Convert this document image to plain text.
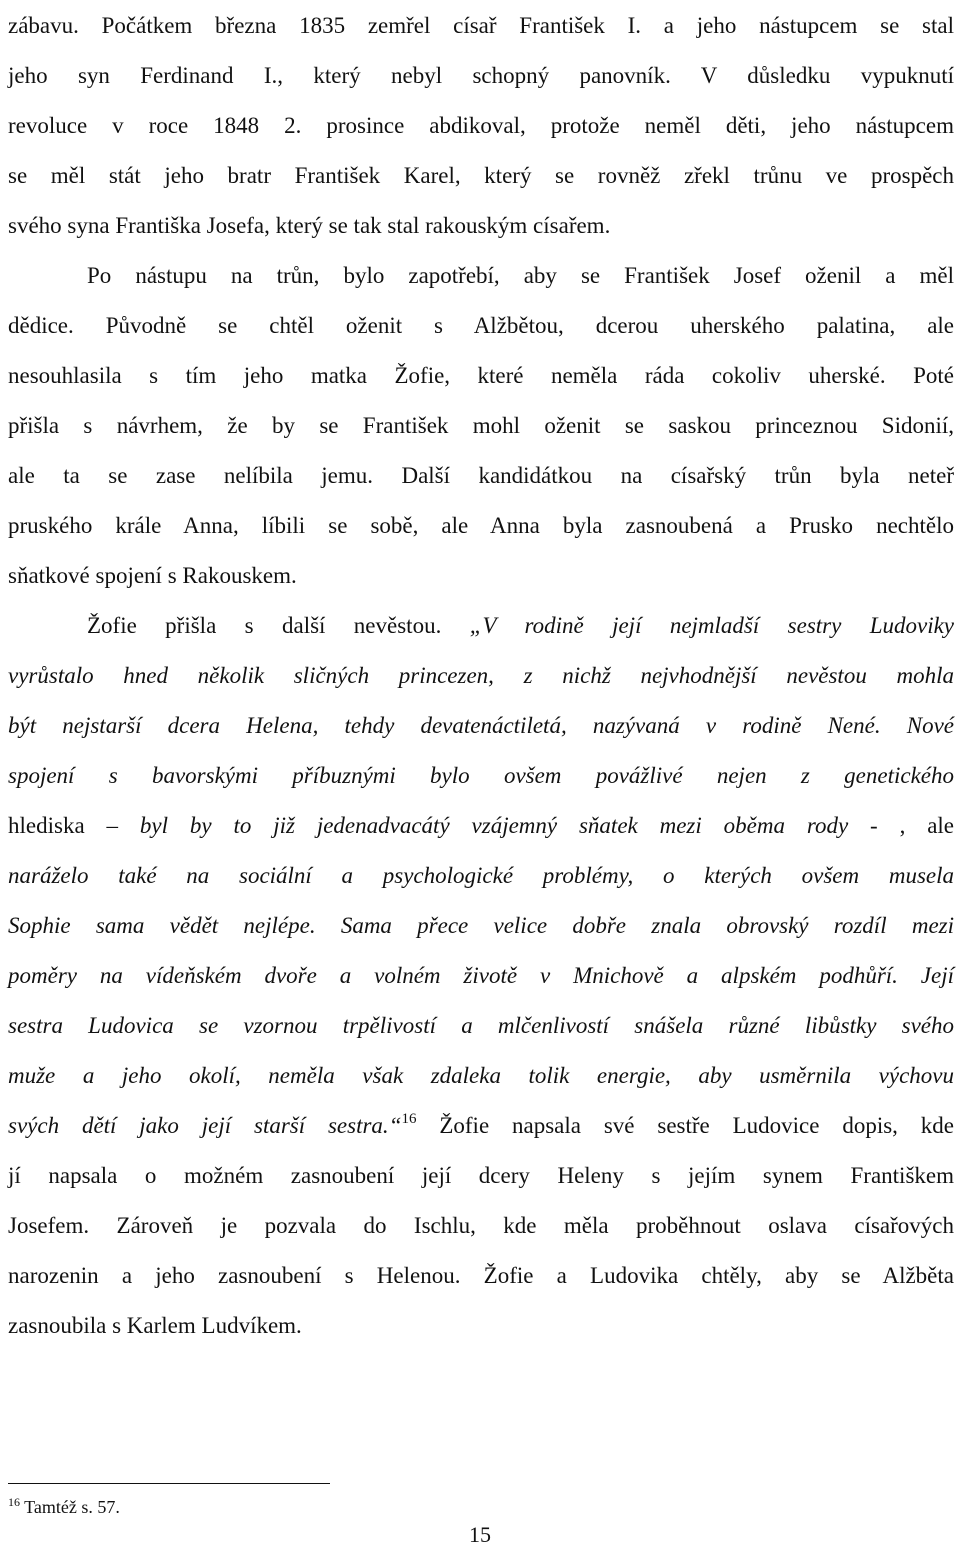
zábavu. Počátkem března 1835 zemřel císař František I. a jeho nástupcem se stal
jeho syn Ferdinand I., který nebyl schopný panovník. V důsledku vypuknutí
revoluce v roce 1848 2. prosince abdikoval, protože neměl děti, jeho nástupcem
se měl stát jeho bratr František Karel, který se rovněž zřekl trůnu ve prospěch
svého syna Františka Josefa, který se tak stal rakouským císařem.
Po nástupu na trůn, bylo zapotřebí, aby se František Josef oženil a měl
dědice. Původně se chtěl oženit s Alžbětou, dcerou uherského palatina, ale
nesouhlasila s tím jeho matka Žofie, které neměla ráda cokoliv uherské. Poté
přišla s návrhem, že by se František mohl oženit se saskou princeznou Sidonií,
ale ta se zase nelíbila jemu. Další kandidátkou na císařský trůn byla neteř
pruského krále Anna, líbili se sobě, ale Anna byla zasnoubená a Prusko nechtělo
sňatkové spojení s Rakouskem.
Žofie přišla s další nevěstou. „V rodině její nejmladší sestry Ludoviky
vyrůstalo hned několik sličných princezen, z nichž nejvhodnější nevěstou mohla
být nejstarší dcera Helena, tehdy devatenáctiletá, nazývaná v rodině Nené. Nové
spojení s bavorskými příbuznými bylo ovšem povážlivé nejen z genetického
hlediska – byl by to již jedenadvacátý vzájemný sňatek mezi oběma rody - , ale
naráželo také na sociální a psychologické problémy, o kterých ovšem musela
Sophie sama vědět nejlépe. Sama přece velice dobře znala obrovský rozdíl mezi
poměry na vídeňském dvoře a volném životě v Mnichově a alpském podhůří. Její
sestra Ludovica se vzornou trpělivostí a mlčenlivostí snášela různé libůstky svého
muže a jeho okolí, neměla však zdaleka tolik energie, aby usměrnila výchovu
svých dětí jako její starší sestra.“$^{16}$ Žofie napsala své sestře Ludovice dopis, kde
jí napsala o možném zasnoubení její dcery Heleny s jejím synem Františkem
Josefem. Zároveň je pozvala do Ischlu, kde měla proběhnout oslava císařových
narozenin a jeho zasnoubení s Helenou. Žofie a Ludovika chtěly, aby se Alžběta
zasnoubila s Karlem Ludvíkem.
$^{16}$ Tamtéž s. 57.
15
